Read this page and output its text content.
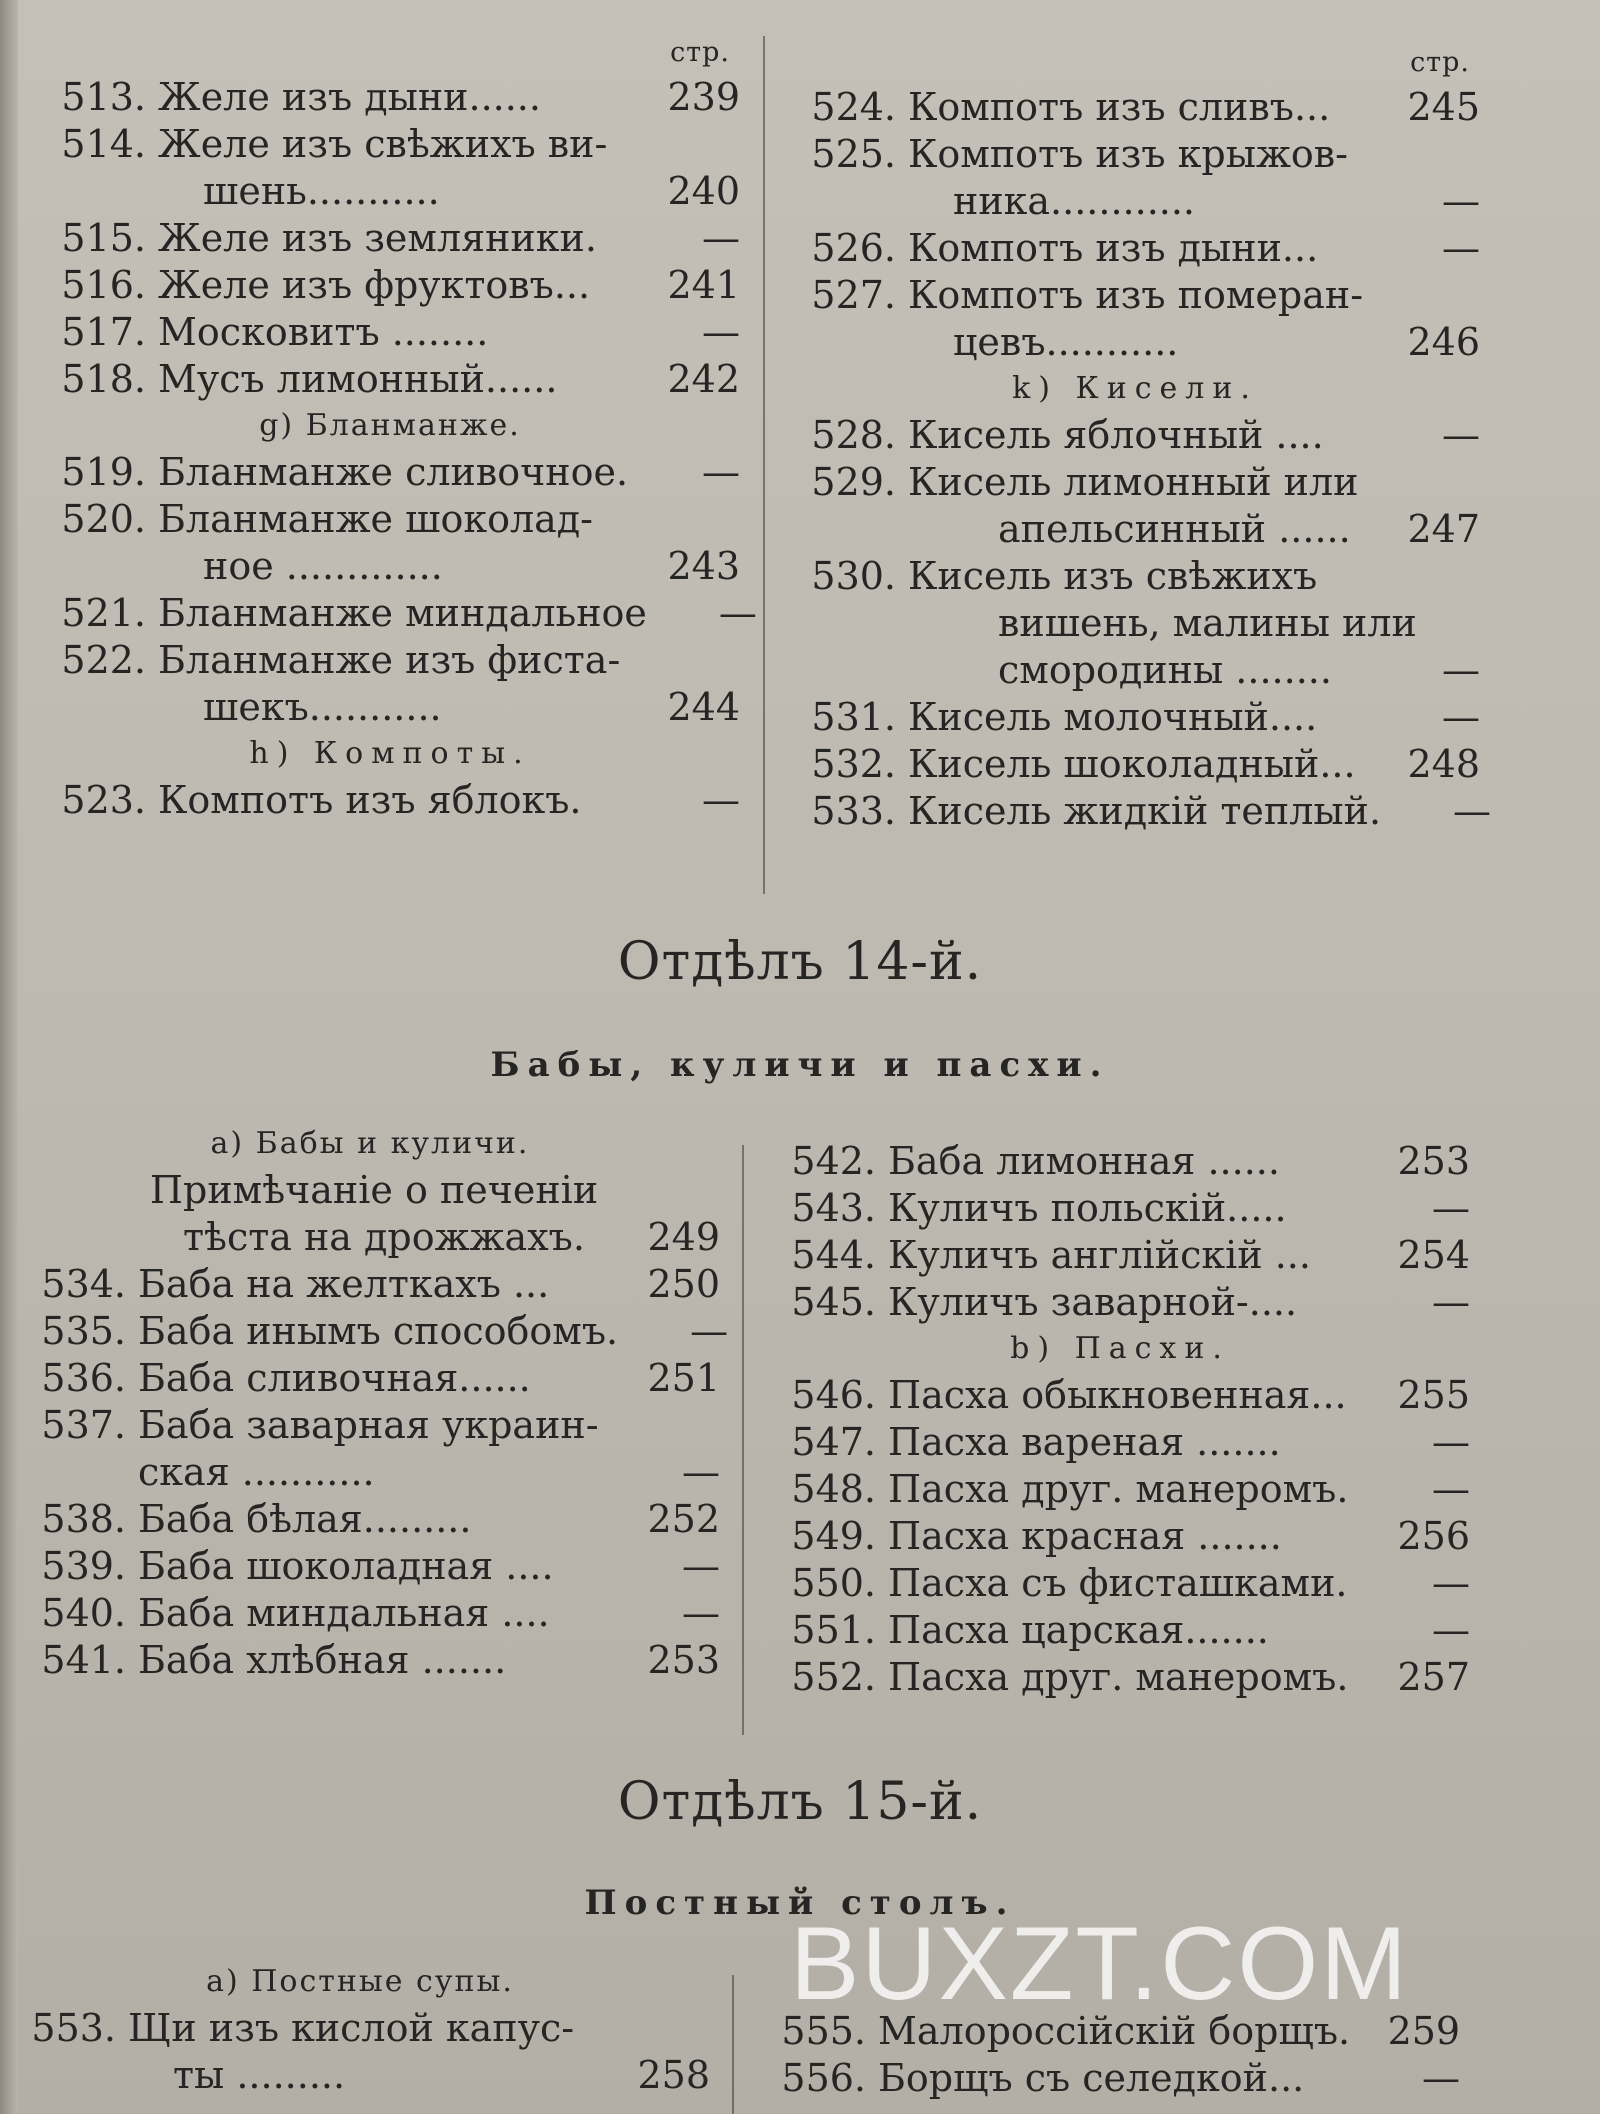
стр.
513. Желе изъ дыни......	239
514. Желе изъ свѣжихъ ви-
шень...........	240
515. Желе изъ земляники.	—
516. Желе изъ фруктовъ...	241
517. Московитъ ........	—
518. Мусъ лимонный......	242
g) Бланманже.
519. Бланманже сливочное.	—
520. Бланманже шоколад-
ное .............	243
521. Бланманже миндальное	—
522. Бланманже изъ фиста-
шекъ...........	244
h) Компоты.
523. Компотъ изъ яблокъ.	—
стр.
524. Компотъ изъ сливъ...	245
525. Компотъ изъ крыжов-
ника............	—
526. Компотъ изъ дыни...	—
527. Компотъ изъ померан-
цевъ...........	246
k) Кисели.
528. Кисель яблочный ....	—
529. Кисель лимонный или
апельсинный ......	247
530. Кисель изъ свѣжихъ
вишень, малины или
смородины ........	—
531. Кисель молочный....	—
532. Кисель шоколадный...	248
533. Кисель жидкій теплый.	—
Отдѣлъ 14-й.
Бабы, куличи и пасхи.
a) Бабы и куличи.
Примѣчаніе о печеніи
тѣста на дрожжахъ.	249
534. Баба на желткахъ ...	250
535. Баба инымъ способомъ.	—
536. Баба сливочная......	251
537. Баба заварная украин-
ская ...........	—
538. Баба бѣлая.........	252
539. Баба шоколадная ....	—
540. Баба миндальная ....	—
541. Баба хлѣбная .......	253
542. Баба лимонная ......	253
543. Куличъ польскій.....	—
544. Куличъ англійскій ...	254
545. Куличъ заварной-....	—
b) Пасхи.
546. Пасха обыкновенная...	255
547. Пасха вареная .......	—
548. Пасха друг. манеромъ.	—
549. Пасха красная .......	256
550. Пасха съ фисташками.	—
551. Пасха царская.......	—
552. Пасха друг. манеромъ.	257
Отдѣлъ 15-й.
Постный столъ.
a) Постные супы.
553. Щи изъ кислой капус-
ты .........	258
555. Малороссійскій борщъ. 259
556. Борщъ съ селедкой...	—
BUXZT.COM
